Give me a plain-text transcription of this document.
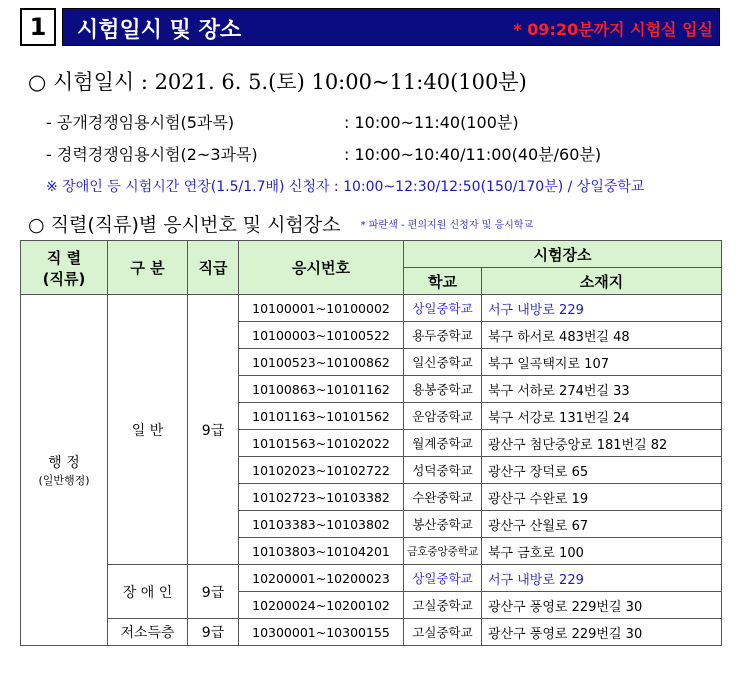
1	시험일시 및 장소	* 09:20분까지 시험실 입실
○ 시험일시 : 2021. 6. 5.(토) 10:00~11:40(100분)
- 공개경쟁임용시험(5과목)	: 10:00~11:40(100분)
- 경력경쟁임용시험(2~3과목)	: 10:00~10:40/11:00(40분/60분)
※ 장애인 등 시험시간 연장(1.5/1.7배) 신청자 : 10:00~12:30/12:50(150/170분) / 상일중학교
○ 직렬(직류)별 응시번호 및 시험장소 * 파란색 - 편의지원 신청자 및 응시학교
직 렬
(직류)	구 분	직급	응시번호	시험장소	
				학교	소재지

행 정
(일반행정)	일 반	9급	10100001~10100002	상일중학교	서구 내방로 229
			10100003~10100522	용두중학교	북구 하서로 483번길 48
			10100523~10100862	일신중학교	북구 일곡택지로 107
			10100863~10101162	용봉중학교	북구 서하로 274번길 33
			10101163~10101562	운암중학교	북구 서강로 131번길 24
			10101563~10102022	월계중학교	광산구 첨단중앙로 181번길 82
			10102023~10102722	성덕중학교	광산구 장덕로 65
			10102723~10103382	수완중학교	광산구 수완로 19
			10103383~10103802	봉산중학교	광산구 산월로 67
			10103803~10104201	금호중앙중학교	북구 금호로 100
	장 애 인	9급	10200001~10200023	상일중학교	서구 내방로 229
			10200024~10200102	고실중학교	광산구 풍영로 229번길 30
	저소득층	9급	10300001~10300155	고실중학교	광산구 풍영로 229번길 30
